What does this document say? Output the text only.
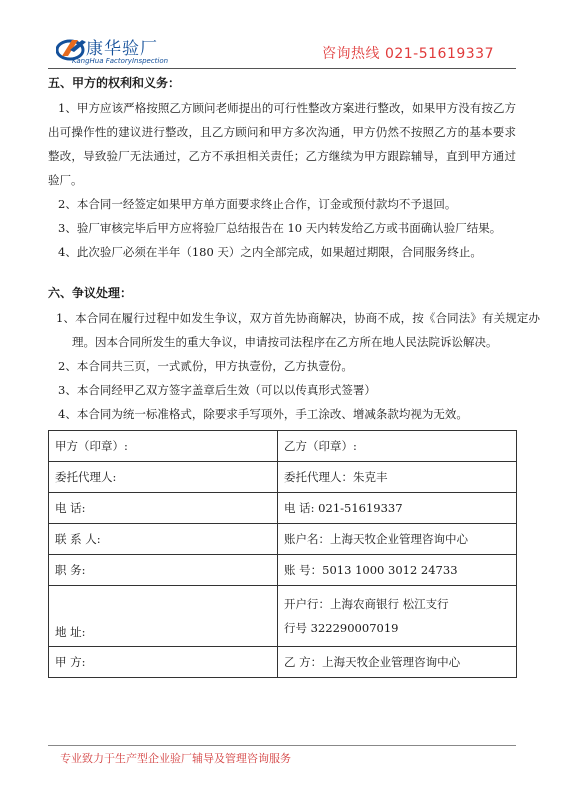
康华验厂
KangHua FactoryInspection	咨询热线 021-51619337
五、甲方的权利和义务：
1、甲方应该严格按照乙方顾问老师提出的可行性整改方案进行整改，如果甲方没有按乙方出可操作性的建议进行整改，且乙方顾问和甲方多次沟通，甲方仍然不按照乙方的基本要求整改，导致验厂无法通过，乙方不承担相关责任；乙方继续为甲方跟踪辅导，直到甲方通过验厂。
2、本合同一经签定如果甲方单方面要求终止合作，订金或预付款均不予退回。
3、验厂审核完毕后甲方应将验厂总结报告在 10 天内转发给乙方或书面确认验厂结果。
4、此次验厂必须在半年（180 天）之内全部完成，如果超过期限，合同服务终止。
六、争议处理：
1、本合同在履行过程中如发生争议，双方首先协商解决，协商不成，按《合同法》有关规定办理。因本合同所发生的重大争议，申请按司法程序在乙方所在地人民法院诉讼解决。
2、本合同共三页，一式贰份，甲方执壹份，乙方执壹份。
3、本合同经甲乙双方签字盖章后生效（可以以传真形式签署）
4、本合同为统一标准格式，除要求手写项外，手工涂改、增减条款均视为无效。
甲方（印章）:	乙方（印章）:
委托代理人:	委托代理人：朱克丰
电 话:	电 话: 021-51619337
联 系 人:	账户名：上海天牧企业管理咨询中心
职 务:	账 号：5013 1000 3012 24733
地 址:	开户行：上海农商银行 松江支行
行号 322290007019

甲 方:	乙 方：上海天牧企业管理咨询中心
专业致力于生产型企业验厂辅导及管理咨询服务
